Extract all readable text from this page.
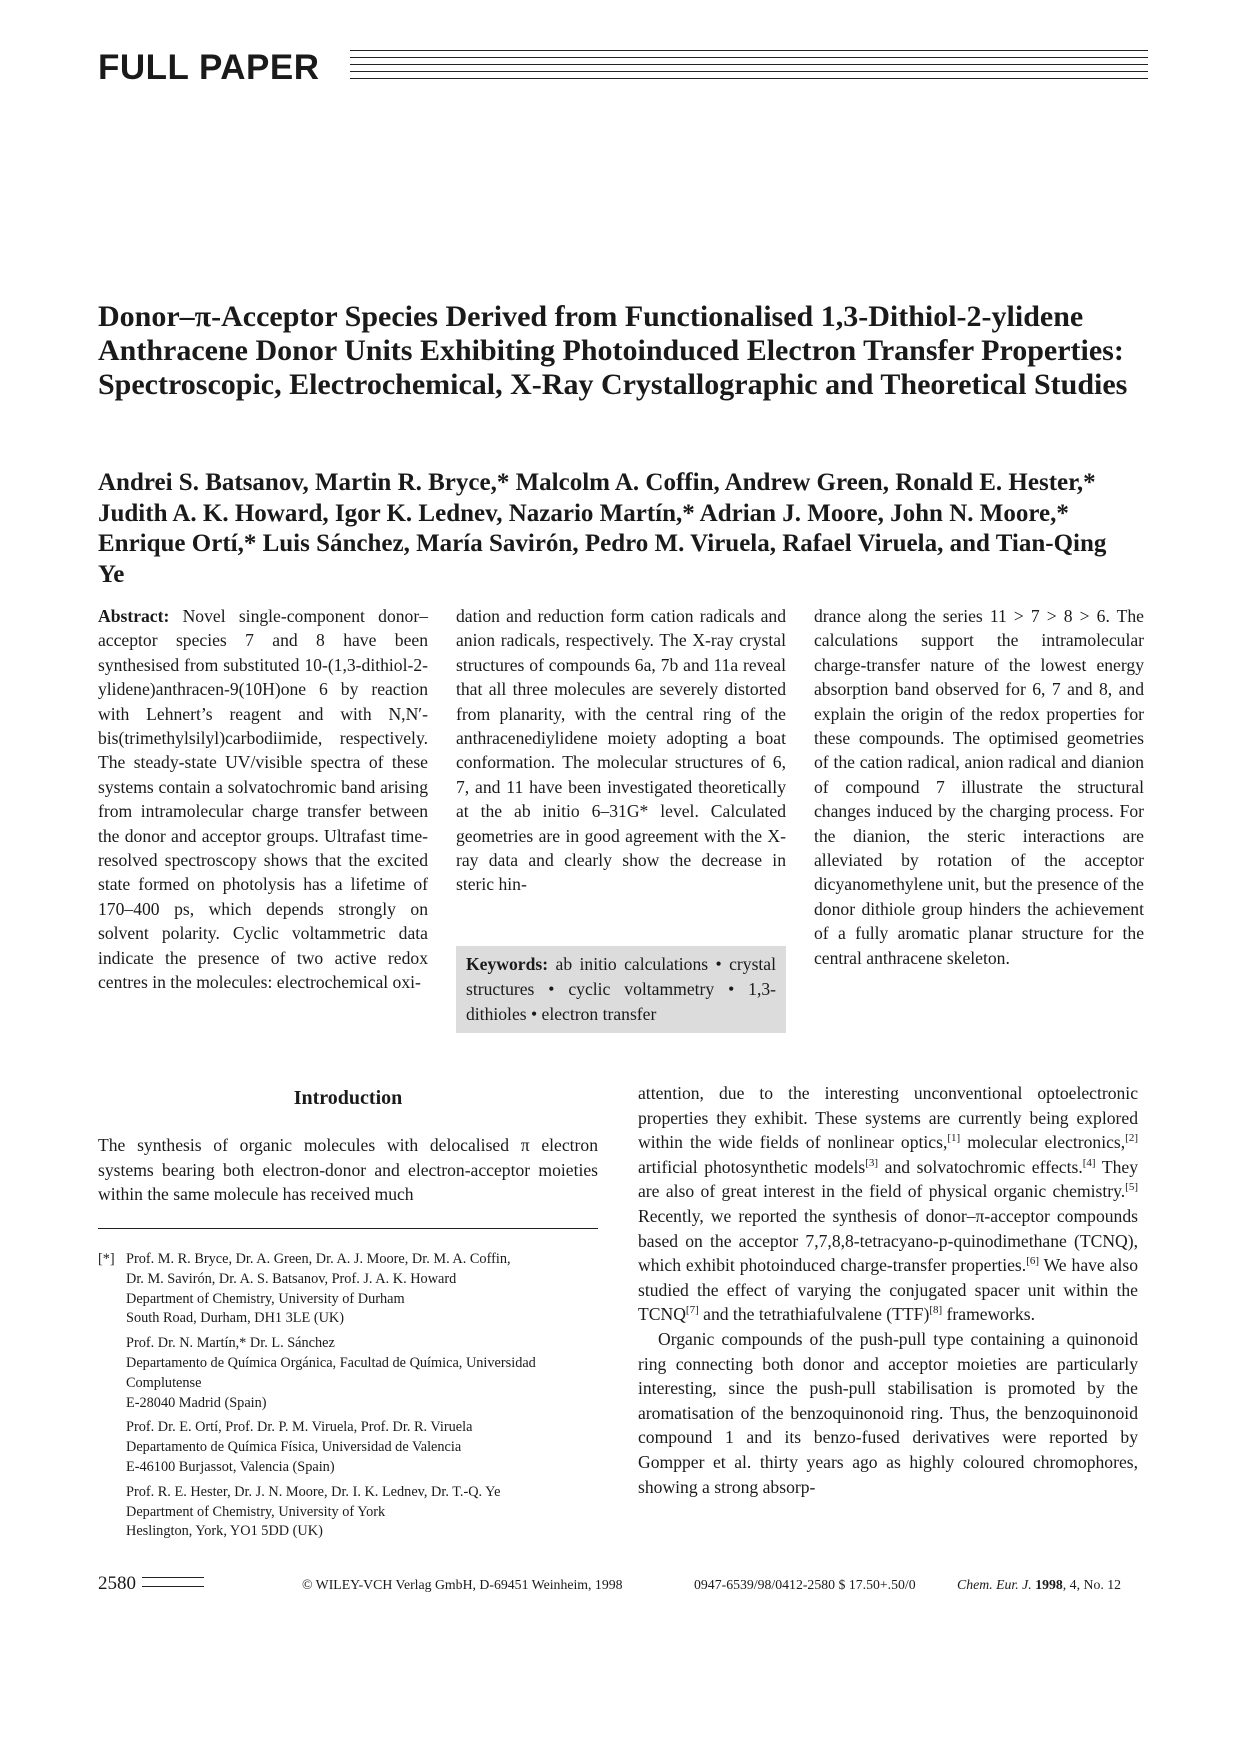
FULL PAPER
Donor–π-Acceptor Species Derived from Functionalised 1,3-Dithiol-2-ylidene Anthracene Donor Units Exhibiting Photoinduced Electron Transfer Properties: Spectroscopic, Electrochemical, X-Ray Crystallographic and Theoretical Studies
Andrei S. Batsanov, Martin R. Bryce,* Malcolm A. Coffin, Andrew Green, Ronald E. Hester,* Judith A. K. Howard, Igor K. Lednev, Nazario Martín,* Adrian J. Moore, John N. Moore,* Enrique Ortí,* Luis Sánchez, María Savirón, Pedro M. Viruela, Rafael Viruela, and Tian-Qing Ye

Abstract: Novel single-component donor–acceptor species 7 and 8 have been synthesised from substituted 10-(1,3-dithiol-2-ylidene)anthracen-9(10H)one 6 by reaction with Lehnert’s reagent and with N,N′-bis(trimethylsilyl)carbodiimide, respectively. The steady-state UV/visible spectra of these systems contain a solvatochromic band arising from intramolecular charge transfer between the donor and acceptor groups. Ultrafast time-resolved spectroscopy shows that the excited state formed on photolysis has a lifetime of 170–400 ps, which depends strongly on solvent polarity. Cyclic voltammetric data indicate the presence of two active redox centres in the molecules: electrochemical oxi-

dation and reduction form cation radicals and anion radicals, respectively. The X-ray crystal structures of compounds 6a, 7b and 11a reveal that all three molecules are severely distorted from planarity, with the central ring of the anthracenediylidene moiety adopting a boat conformation. The molecular structures of 6, 7, and 11 have been investigated theoretically at the ab initio 6–31G* level. Calculated geometries are in good agreement with the X-ray data and clearly show the decrease in steric hin-

drance along the series 11 > 7 > 8 > 6. The calculations support the intramolecular charge-transfer nature of the lowest energy absorption band observed for 6, 7 and 8, and explain the origin of the redox properties for these compounds. The optimised geometries of the cation radical, anion radical and dianion of compound 7 illustrate the structural changes induced by the charging process. For the dianion, the steric interactions are alleviated by rotation of the acceptor dicyanomethylene unit, but the presence of the donor dithiole group hinders the achievement of a fully aromatic planar structure for the central anthracene skeleton.

Keywords: ab initio calculations • crystal structures • cyclic voltammetry • 1,3-dithioles • electron transfer
Introduction

The synthesis of organic molecules with delocalised π electron systems bearing both electron-donor and electron-acceptor moieties within the same molecule has received much

attention, due to the interesting unconventional optoelectronic properties they exhibit. These systems are currently being explored within the wide fields of nonlinear optics,[1] molecular electronics,[2] artificial photosynthetic models[3] and solvatochromic effects.[4] They are also of great interest in the field of physical organic chemistry.[5] Recently, we reported the synthesis of donor–π-acceptor compounds based on the acceptor 7,7,8,8-tetracyano-p-quinodimethane (TCNQ), which exhibit photoinduced charge-transfer properties.[6] We have also studied the effect of varying the conjugated spacer unit within the TCNQ[7] and the tetrathiafulvalene (TTF)[8] frameworks.

Organic compounds of the push-pull type containing a quinonoid ring connecting both donor and acceptor moieties are particularly interesting, since the push-pull stabilisation is promoted by the aromatisation of the benzoquinonoid ring. Thus, the benzoquinonoid compound 1 and its benzo-fused derivatives were reported by Gompper et al. thirty years ago as highly coloured chromophores, showing a strong absorp-

[*] Prof. M. R. Bryce, Dr. A. Green, Dr. A. J. Moore, Dr. M. A. Coffin,
Dr. M. Savirón, Dr. A. S. Batsanov, Prof. J. A. K. Howard
Department of Chemistry, University of Durham
South Road, Durham, DH1 3LE (UK)
Prof. Dr. N. Martín,* Dr. L. Sánchez
Departamento de Química Orgánica, Facultad de Química, Universidad Complutense
E-28040 Madrid (Spain)
Prof. Dr. E. Ortí, Prof. Dr. P. M. Viruela, Prof. Dr. R. Viruela
Departamento de Química Física, Universidad de Valencia
E-46100 Burjassot, Valencia (Spain)
Prof. R. E. Hester, Dr. J. N. Moore, Dr. I. K. Lednev, Dr. T.-Q. Ye
Department of Chemistry, University of York
Heslington, York, YO1 5DD (UK)
2580	© WILEY-VCH Verlag GmbH, D-69451 Weinheim, 1998	0947-6539/98/0412-2580 $ 17.50+.50/0	Chem. Eur. J. 1998, 4, No. 12
